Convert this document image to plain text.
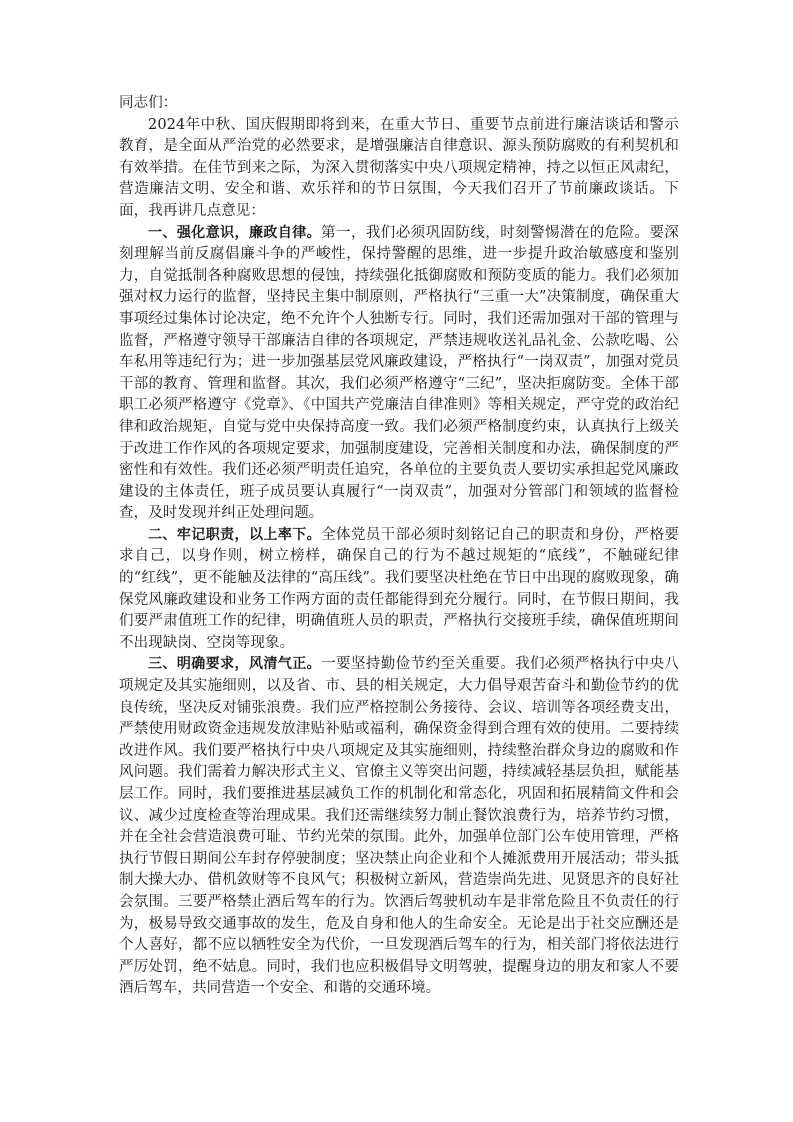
同志们：

2024年中秋、国庆假期即将到来，在重大节日、重要节点前进行廉洁谈话和警示教育，是全面从严治党的必然要求，是增强廉洁自律意识、源头预防腐败的有利契机和有效举措。在佳节到来之际，为深入贯彻落实中央八项规定精神，持之以恒正风肃纪，营造廉洁文明、安全和谐、欢乐祥和的节日氛围，今天我们召开了节前廉政谈话。下面，我再讲几点意见：

一、强化意识，廉政自律。第一，我们必须巩固防线，时刻警惕潜在的危险。要深刻理解当前反腐倡廉斗争的严峻性，保持警醒的思维，进一步提升政治敏感度和鉴别力，自觉抵制各种腐败思想的侵蚀，持续强化抵御腐败和预防变质的能力。我们必须加强对权力运行的监督，坚持民主集中制原则，严格执行“三重一大”决策制度，确保重大事项经过集体讨论决定，绝不允许个人独断专行。同时，我们还需加强对干部的管理与监督，严格遵守领导干部廉洁自律的各项规定，严禁违规收送礼品礼金、公款吃喝、公车私用等违纪行为；进一步加强基层党风廉政建设，严格执行“一岗双责”，加强对党员干部的教育、管理和监督。其次，我们必须严格遵守“三纪”，坚决拒腐防变。全体干部职工必须严格遵守《党章》、《中国共产党廉洁自律准则》等相关规定，严守党的政治纪律和政治规矩，自觉与党中央保持高度一致。我们必须严格制度约束，认真执行上级关于改进工作作风的各项规定要求，加强制度建设，完善相关制度和办法，确保制度的严密性和有效性。我们还必须严明责任追究，各单位的主要负责人要切实承担起党风廉政建设的主体责任，班子成员要认真履行“一岗双责”，加强对分管部门和领域的监督检查，及时发现并纠正处理问题。

二、牢记职责，以上率下。全体党员干部必须时刻铭记自己的职责和身份，严格要求自己，以身作则，树立榜样，确保自己的行为不越过规矩的“底线”，不触碰纪律的“红线”，更不能触及法律的“高压线”。我们要坚决杜绝在节日中出现的腐败现象，确保党风廉政建设和业务工作两方面的责任都能得到充分履行。同时，在节假日期间，我们要严肃值班工作的纪律，明确值班人员的职责，严格执行交接班手续，确保值班期间不出现缺岗、空岗等现象。

三、明确要求，风清气正。一要坚持勤俭节约至关重要。我们必须严格执行中央八项规定及其实施细则，以及省、市、县的相关规定，大力倡导艰苦奋斗和勤俭节约的优良传统，坚决反对铺张浪费。我们应严格控制公务接待、会议、培训等各项经费支出，严禁使用财政资金违规发放津贴补贴或福利，确保资金得到合理有效的使用。二要持续改进作风。我们要严格执行中央八项规定及其实施细则，持续整治群众身边的腐败和作风问题。我们需着力解决形式主义、官僚主义等突出问题，持续减轻基层负担，赋能基层工作。同时，我们要推进基层减负工作的机制化和常态化，巩固和拓展精简文件和会议、减少过度检查等治理成果。我们还需继续努力制止餐饮浪费行为，培养节约习惯，并在全社会营造浪费可耻、节约光荣的氛围。此外，加强单位部门公车使用管理，严格执行节假日期间公车封存停驶制度；坚决禁止向企业和个人摊派费用开展活动；带头抵制大操大办、借机敛财等不良风气；积极树立新风，营造崇尚先进、见贤思齐的良好社会氛围。三要严格禁止酒后驾车的行为。饮酒后驾驶机动车是非常危险且不负责任的行为，极易导致交通事故的发生，危及自身和他人的生命安全。无论是出于社交应酬还是个人喜好，都不应以牺牲安全为代价，一旦发现酒后驾车的行为，相关部门将依法进行严厉处罚，绝不姑息。同时，我们也应积极倡导文明驾驶，提醒身边的朋友和家人不要酒后驾车，共同营造一个安全、和谐的交通环境。
